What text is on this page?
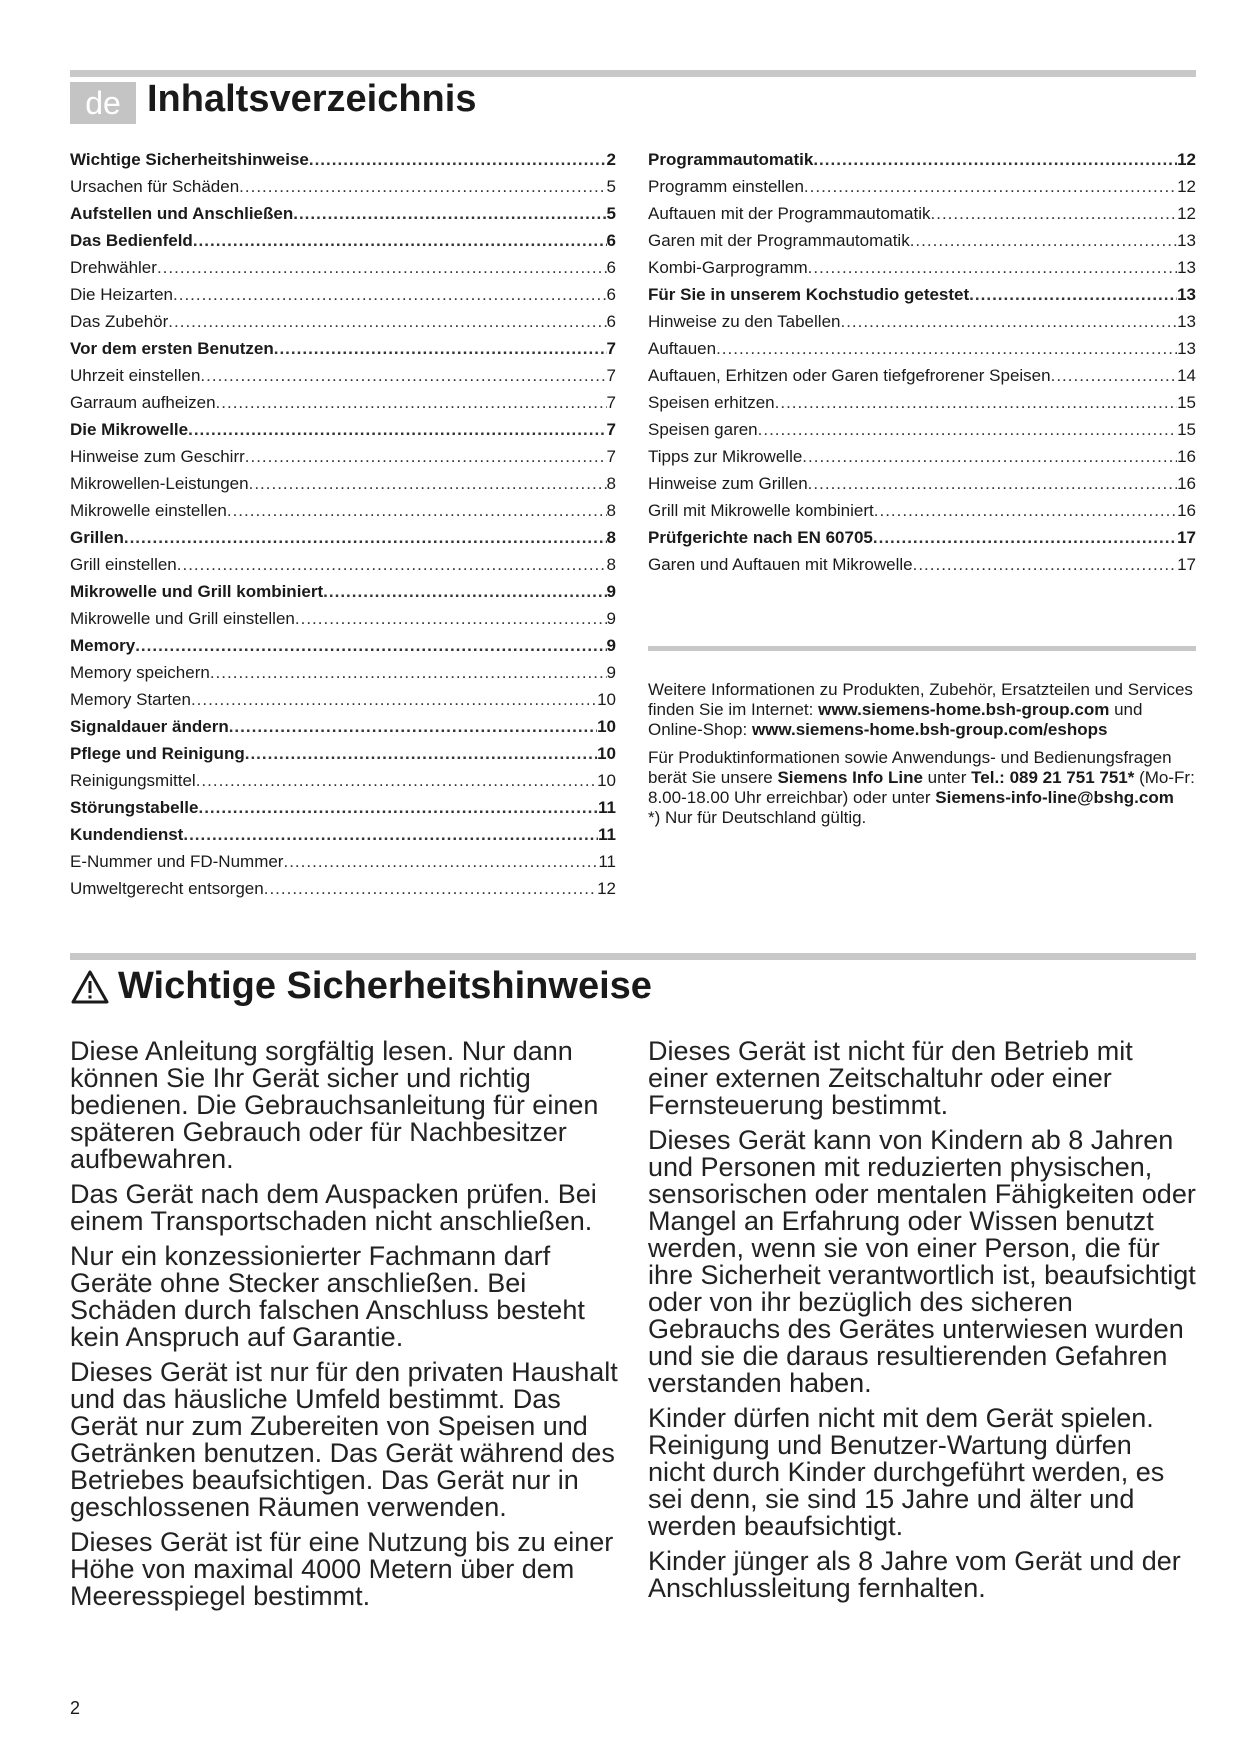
de Inhaltsverzeichnis
Wichtige Sicherheitshinweise .....	2
Ursachen für Schäden .....	5
Aufstellen und Anschließen .....	5
Das Bedienfeld .....	6
Drehwähler .....	6
Die Heizarten .....	6
Das Zubehör .....	6
Vor dem ersten Benutzen .....	7
Uhrzeit einstellen .....	7
Garraum aufheizen .....	7
Die Mikrowelle .....	7
Hinweise zum Geschirr .....	7
Mikrowellen-Leistungen .....	8
Mikrowelle einstellen .....	8
Grillen .....	8
Grill einstellen .....	8
Mikrowelle und Grill kombiniert .....	9
Mikrowelle und Grill einstellen .....	9
Memory .....	9
Memory speichern .....	9
Memory Starten .....	10
Signaldauer ändern .....	10
Pflege und Reinigung .....	10
Reinigungsmittel .....	10
Störungstabelle .....	11
Kundendienst .....	11
E-Nummer und FD-Nummer .....	11
Umweltgerecht entsorgen .....	12
Programmautomatik .....	12
Programm einstellen .....	12
Auftauen mit der Programmautomatik .....	12
Garen mit der Programmautomatik .....	13
Kombi-Garprogramm .....	13
Für Sie in unserem Kochstudio getestet .....	13
Hinweise zu den Tabellen .....	13
Auftauen .....	13
Auftauen, Erhitzen oder Garen tiefgefrorener Speisen .....	14
Speisen erhitzen .....	15
Speisen garen .....	15
Tipps zur Mikrowelle .....	16
Hinweise zum Grillen .....	16
Grill mit Mikrowelle kombiniert .....	16
Prüfgerichte nach EN 60705 .....	17
Garen und Auftauen mit Mikrowelle .....	17

Weitere Informationen zu Produkten, Zubehör, Ersatzteilen und Services finden Sie im Internet: www.siemens-home.bsh-group.com und Online-Shop: www.siemens-home.bsh-group.com/eshops

Für Produktinformationen sowie Anwendungs- und Bedienungsfragen berät Sie unsere Siemens Info Line unter Tel.: 089 21 751 751* (Mo-Fr: 8.00-18.00 Uhr erreichbar) oder unter Siemens-info-line@bshg.com

*) Nur für Deutschland gültig.

Wichtige Sicherheitshinweise

Diese Anleitung sorgfältig lesen. Nur dann können Sie Ihr Gerät sicher und richtig bedienen. Die Gebrauchsanleitung für einen späteren Gebrauch oder für Nachbesitzer aufbewahren.

Das Gerät nach dem Auspacken prüfen. Bei einem Transportschaden nicht anschließen.

Nur ein konzessionierter Fachmann darf Geräte ohne Stecker anschließen. Bei Schäden durch falschen Anschluss besteht kein Anspruch auf Garantie.

Dieses Gerät ist nur für den privaten Haushalt und das häusliche Umfeld bestimmt. Das Gerät nur zum Zubereiten von Speisen und Getränken benutzen. Das Gerät während des Betriebes beaufsichtigen. Das Gerät nur in geschlossenen Räumen verwenden.

Dieses Gerät ist für eine Nutzung bis zu einer Höhe von maximal 4000 Metern über dem Meeresspiegel bestimmt.

Dieses Gerät ist nicht für den Betrieb mit einer externen Zeitschaltuhr oder einer Fernsteuerung bestimmt.

Dieses Gerät kann von Kindern ab 8 Jahren und Personen mit reduzierten physischen, sensorischen oder mentalen Fähigkeiten oder Mangel an Erfahrung oder Wissen benutzt werden, wenn sie von einer Person, die für ihre Sicherheit verantwortlich ist, beaufsichtigt oder von ihr bezüglich des sicheren Gebrauchs des Gerätes unterwiesen wurden und sie die daraus resultierenden Gefahren verstanden haben.

Kinder dürfen nicht mit dem Gerät spielen. Reinigung und Benutzer-Wartung dürfen nicht durch Kinder durchgeführt werden, es sei denn, sie sind 15 Jahre und älter und werden beaufsichtigt.

Kinder jünger als 8 Jahre vom Gerät und der Anschlussleitung fernhalten.

2
